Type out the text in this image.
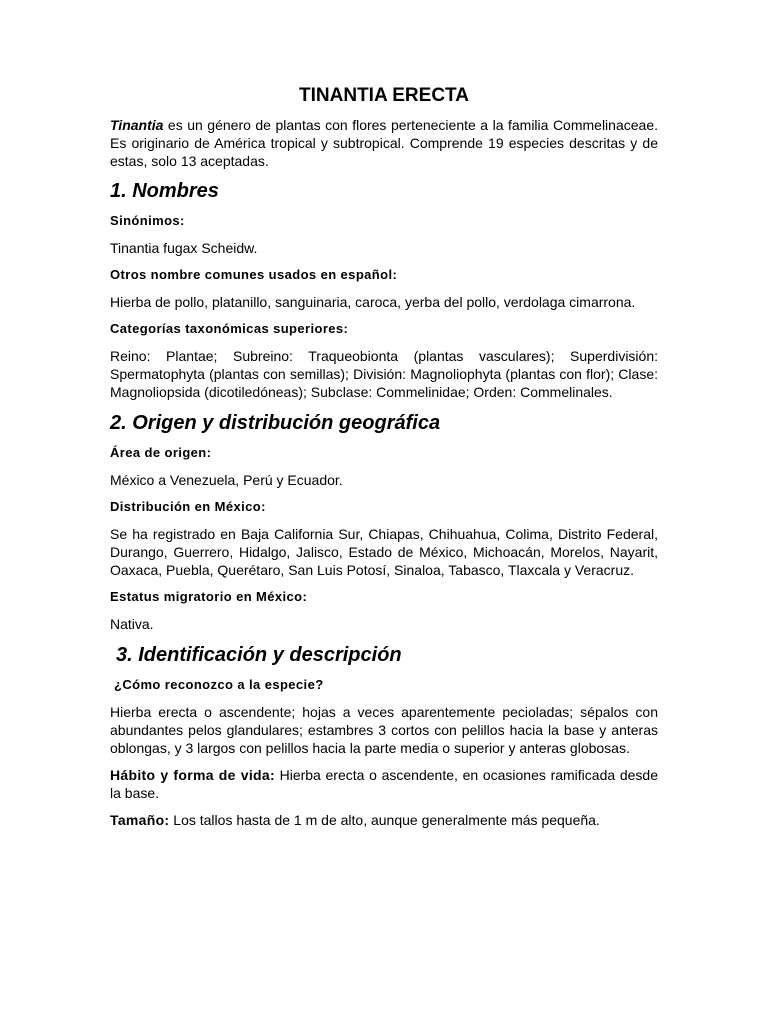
TINANTIA ERECTA

Tinantia es un género de plantas con flores perteneciente a la familia Commelinaceae. Es originario de América tropical y subtropical. Comprende 19 especies descritas y de estas, solo 13 aceptadas.

1. Nombres
Sinónimos:

Tinantia fugax Scheidw.

Otros nombre comunes usados en español:

Hierba de pollo, platanillo, sanguinaria, caroca, yerba del pollo, verdolaga cimarrona.

Categorías taxonómicas superiores:

Reino: Plantae; Subreino: Traqueobionta (plantas vasculares); Superdivisión: Spermatophyta (plantas con semillas); División: Magnoliophyta (plantas con flor); Clase: Magnoliopsida (dicotiledóneas); Subclase: Commelinidae; Orden: Commelinales.

2. Origen y distribución geográfica
Área de origen:

México a Venezuela, Perú y Ecuador.

Distribución en México:

Se ha registrado en Baja California Sur, Chiapas, Chihuahua, Colima, Distrito Federal, Durango, Guerrero, Hidalgo, Jalisco, Estado de México, Michoacán, Morelos, Nayarit, Oaxaca, Puebla, Querétaro, San Luis Potosí, Sinaloa, Tabasco, Tlaxcala y Veracruz.

Estatus migratorio en México:

Nativa.

3. Identificación y descripción
¿Cómo reconozco a la especie?

Hierba erecta o ascendente; hojas a veces aparentemente pecioladas; sépalos con abundantes pelos glandulares; estambres 3 cortos con pelillos hacia la base y anteras oblongas, y 3 largos con pelillos hacia la parte media o superior y anteras globosas.

Hábito y forma de vida: Hierba erecta o ascendente, en ocasiones ramificada desde la base.

Tamaño: Los tallos hasta de 1 m de alto, aunque generalmente más pequeña.
